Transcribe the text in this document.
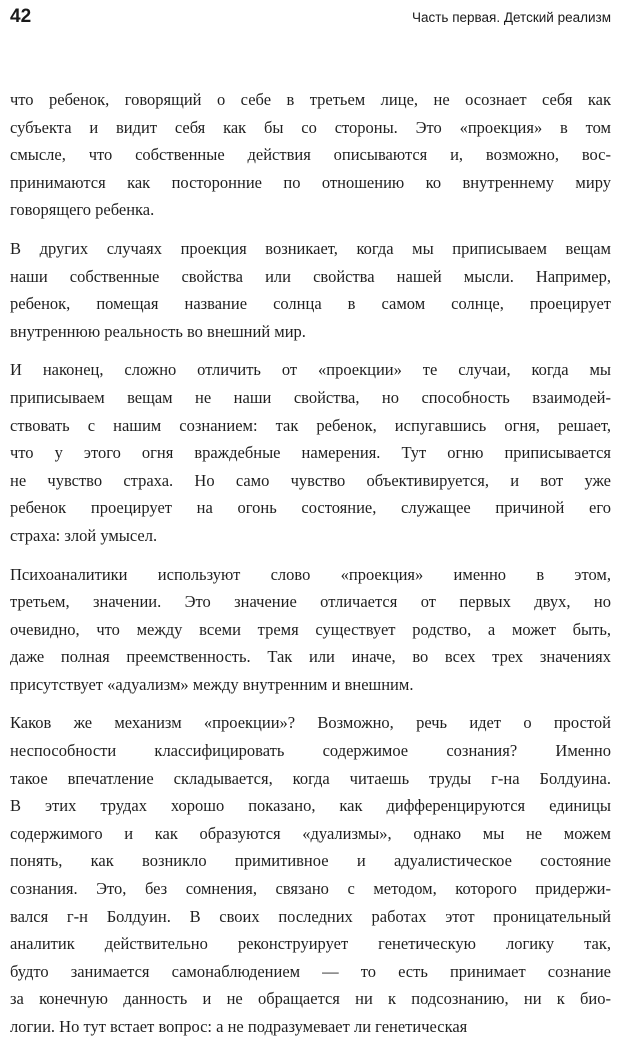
42	Часть первая. Детский реализм

что ребенок, говорящий о себе в третьем лице, не осознает себя как
субъекта и видит себя как бы со стороны. Это «проекция» в том
смысле, что собственные действия описываются и, возможно, вос-
принимаются как посторонние по отношению ко внутреннему миру
говорящего ребенка.

В других случаях проекция возникает, когда мы приписываем вещам
наши собственные свойства или свойства нашей мысли. Например,
ребенок, помещая название солнца в самом солнце, проецирует
внутреннюю реальность во внешний мир.

И наконец, сложно отличить от «проекции» те случаи, когда мы
приписываем вещам не наши свойства, но способность взаимодей-
ствовать с нашим сознанием: так ребенок, испугавшись огня, решает,
что у этого огня враждебные намерения. Тут огню приписывается
не чувство страха. Но само чувство объективируется, и вот уже
ребенок проецирует на огонь состояние, служащее причиной его
страха: злой умысел.

Психоаналитики используют слово «проекция» именно в этом,
третьем, значении. Это значение отличается от первых двух, но
очевидно, что между всеми тремя существует родство, а может быть,
даже полная преемственность. Так или иначе, во всех трех значениях
присутствует «адуализм» между внутренним и внешним.

Каков же механизм «проекции»? Возможно, речь идет о простой
неспособности классифицировать содержимое сознания? Именно
такое впечатление складывается, когда читаешь труды г-на Болдуина.
В этих трудах хорошо показано, как дифференцируются единицы
содержимого и как образуются «дуализмы», однако мы не можем
понять, как возникло примитивное и адуалистическое состояние
сознания. Это, без сомнения, связано с методом, которого придержи-
вался г-н Болдуин. В своих последних работах этот проницательный
аналитик действительно реконструирует генетическую логику так,
будто занимается самонаблюдением — то есть принимает сознание
за конечную данность и не обращается ни к подсознанию, ни к био-
логии. Но тут встает вопрос: а не подразумевает ли генетическая
